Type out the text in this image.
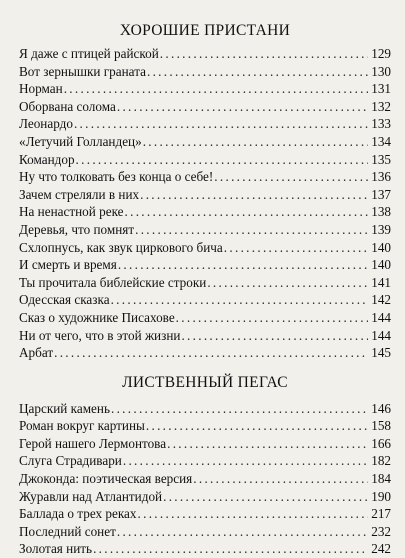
ХОРОШИЕ ПРИСТАНИ
Я даже с птицей райской . . .	129
Вот зернышки граната . . .	130
Норман . . .	131
Оборвана солома . . .	132
Леонардо . . .	133
«Летучий Голландец» . . .	134
Командор . . .	135
Ну что толковать без конца о себе! . . .	136
Зачем стреляли в них . . .	137
На ненастной реке . . .	138
Деревья, что помнят . . .	139
Схлопнусь, как звук циркового бича . . .	140
И смерть и время . . .	140
Ты прочитала библейские строки . . .	141
Одесская сказка . . .	142
Сказ о художнике Писахове . . .	144
Ни от чего, что в этой жизни . . .	144
Арбат . . .	145
ЛИСТВЕННЫЙ ПЕГАС
Царский камень . . .	146
Роман вокруг картины . . .	158
Герой нашего Лермонтова . . .	166
Слуга Страдивари . . .	182
Джоконда: поэтическая версия . . .	184
Журавли над Атлантидой . . .	190
Баллада о трех реках . . .	217
Последний сонет . . .	232
Золотая нить . . .	242
